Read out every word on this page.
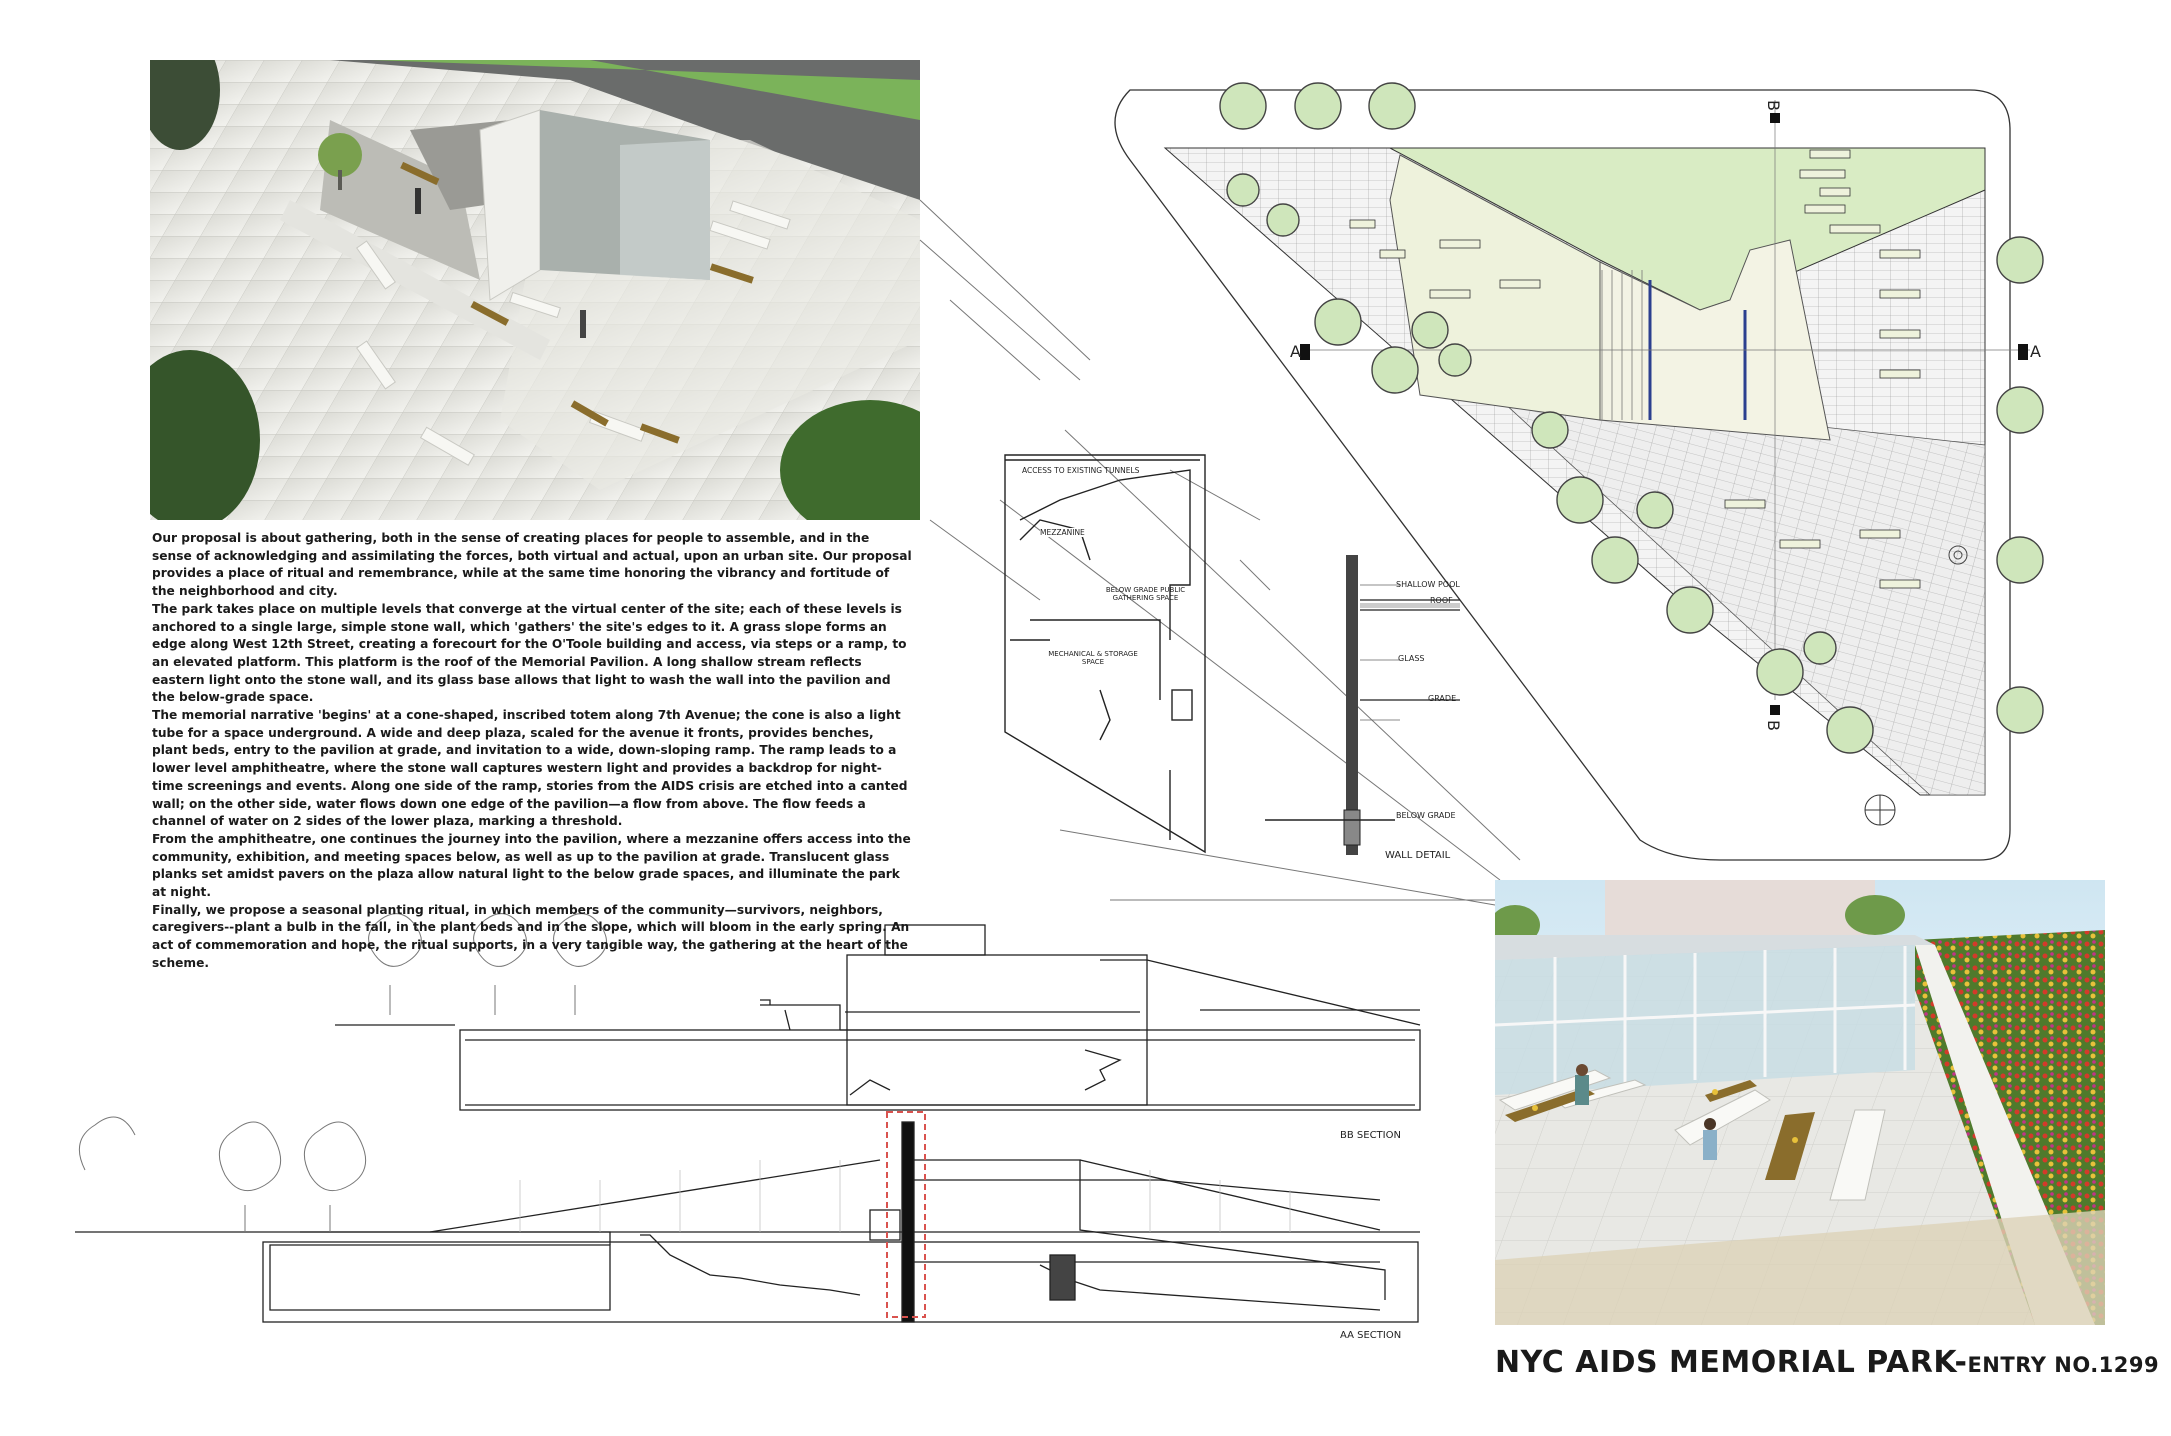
Our proposal is about gathering, both in the sense of creating places for people to assemble, and in the sense of acknowledging and assimilating the forces, both virtual and actual, upon an urban site. Our proposal provides a place of ritual and remembrance, while at the same time honoring the vibrancy and fortitude of the neighborhood and city.

The park takes place on multiple levels that converge at the virtual center of the site; each of these levels is anchored to a single large, simple stone wall, which 'gathers' the site's edges to it. A grass slope forms an edge along West 12th Street, creating a forecourt for the O'Toole building and access, via steps or a ramp, to an elevated platform. This platform is the roof of the Memorial Pavilion. A long shallow stream reflects eastern light onto the stone wall, and its glass base allows that light to wash the wall into the pavilion and the below-grade space.

The memorial narrative 'begins' at a cone-shaped, inscribed totem along 7th Avenue; the cone is also a light tube for a space underground. A wide and deep plaza, scaled for the avenue it fronts, provides benches, plant beds, entry to the pavilion at grade, and invitation to a wide, down-sloping ramp. The ramp leads to a lower level amphitheatre, where the stone wall captures western light and provides a backdrop for night-time screenings and events. Along one side of the ramp, stories from the AIDS crisis are etched into a canted wall; on the other side, water flows down one edge of the pavilion—a flow from above. The flow feeds a channel of water on 2 sides of the lower plaza, marking a threshold.

From the amphitheatre, one continues the journey into the pavilion, where a mezzanine offers access into the community, exhibition, and meeting spaces below, as well as up to the pavilion at grade. Translucent glass planks set amidst pavers on the plaza allow natural light to the below grade spaces, and illuminate the park at night.

Finally, we propose a seasonal planting ritual, in which members of the community—survivors, neighbors, caregivers--plant a bulb in the fall, in the plant beds and in the slope, which will bloom in the early spring. An act of commemoration and hope, the ritual supports, in a very tangible way, the gathering at the heart of the scheme.

ACCESS TO EXISTING TUNNELS
MEZZANINE
BELOW GRADE PUBLIC GATHERING SPACE
MECHANICAL & STORAGE SPACE
A	A
B
B
SHALLOW POOL
ROOF
GLASS
GRADE
BELOW GRADE
WALL DETAIL
BB SECTION
AA SECTION
NYC AIDS MEMORIAL PARK-ENTRY NO.1299
